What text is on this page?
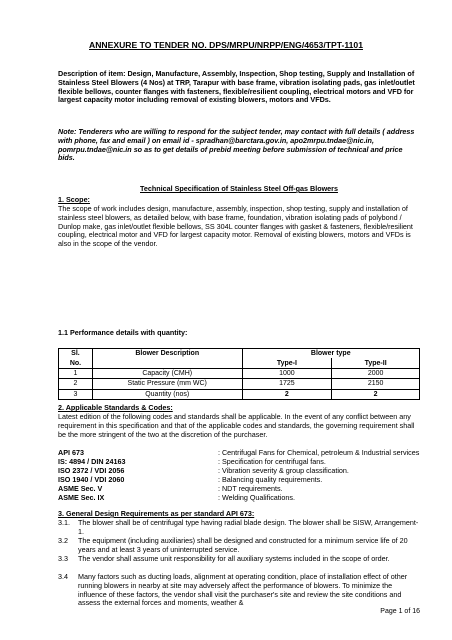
ANNEXURE TO TENDER NO. DPS/MRPU/NRPP/ENG/4653/TPT-1101

Description of item: Design, Manufacture, Assembly, Inspection, Shop testing, Supply and Installation of Stainless Steel Blowers (4 Nos) at TRP, Tarapur with base frame, vibration isolating pads, gas inlet/outlet flexible bellows, counter flanges with fasteners, flexible/resilient coupling, electrical motors and VFD for largest capacity motor including removal of existing blowers, motors and VFDs.

Note: Tenderers who are willing to respond for the subject tender, may contact with full details ( address with phone, fax and email ) on email id - spradhan@barctara.gov.in, apo2mrpu.tndae@nic.in, pomrpu.tndae@nic.in so as to get details of prebid meeting before submission of technical and price bids.

Technical Specification of Stainless Steel Off-gas Blowers
1. Scope:

The scope of work includes design, manufacture, assembly, inspection, shop testing, supply and installation of stainless steel blowers, as detailed below, with base frame, foundation, vibration isolating pads of polybond / Dunlop make, gas inlet/outlet flexible bellows, SS 304L counter flanges with gasket & fasteners, flexible/resilient coupling, electrical motor and VFD for largest capacity motor. Removal of existing blowers, motors and VFDs is also in the scope of the vendor.

1.1 Performance details with quantity:
Sl.	Blower Description	Blower type	
No.		Type-I	Type-II
1	Capacity (CMH)	1000	2000
2	Static Pressure (mm WC)	1725	2150
3	Quantity (nos)	2	2
2. Applicable Standards & Codes:

Latest edition of the following codes and standards shall be applicable. In the event of any conflict between any requirement in this specification and that of the applicable codes and standards, the governing requirement shall be the more stringent of the two at the discretion of the purchaser.

API 673	: Centrifugal Fans for Chemical, petroleum & Industrial services
IS: 4894 / DIN 24163	: Specification for centrifugal fans.
ISO 2372 / VDI 2056	: Vibration severity & group classification.
ISO 1940 / VDI 2060	: Balancing quality requirements.
ASME Sec. V	: NDT requirements.
ASME Sec. IX	: Welding Qualifications.
3. General Design Requirements as per standard API 673:
3.1. The blower shall be of centrifugal type having radial blade design. The blower shall be SISW, Arrangement-1.

3.2 The equipment (including auxiliaries) shall be designed and constructed for a minimum service life of 20 years and at least 3 years of uninterrupted service.

3.3 The vendor shall assume unit responsibility for all auxiliary systems included in the scope of order.

3.4 Many factors such as ducting loads, alignment at operating condition, place of installation effect of other running blowers in nearby at site may adversely affect the performance of blowers. To minimize the influence of these factors, the vendor shall visit the purchaser's site and review the site conditions and assess the external forces and moments, weather &

Page 1 of 16
